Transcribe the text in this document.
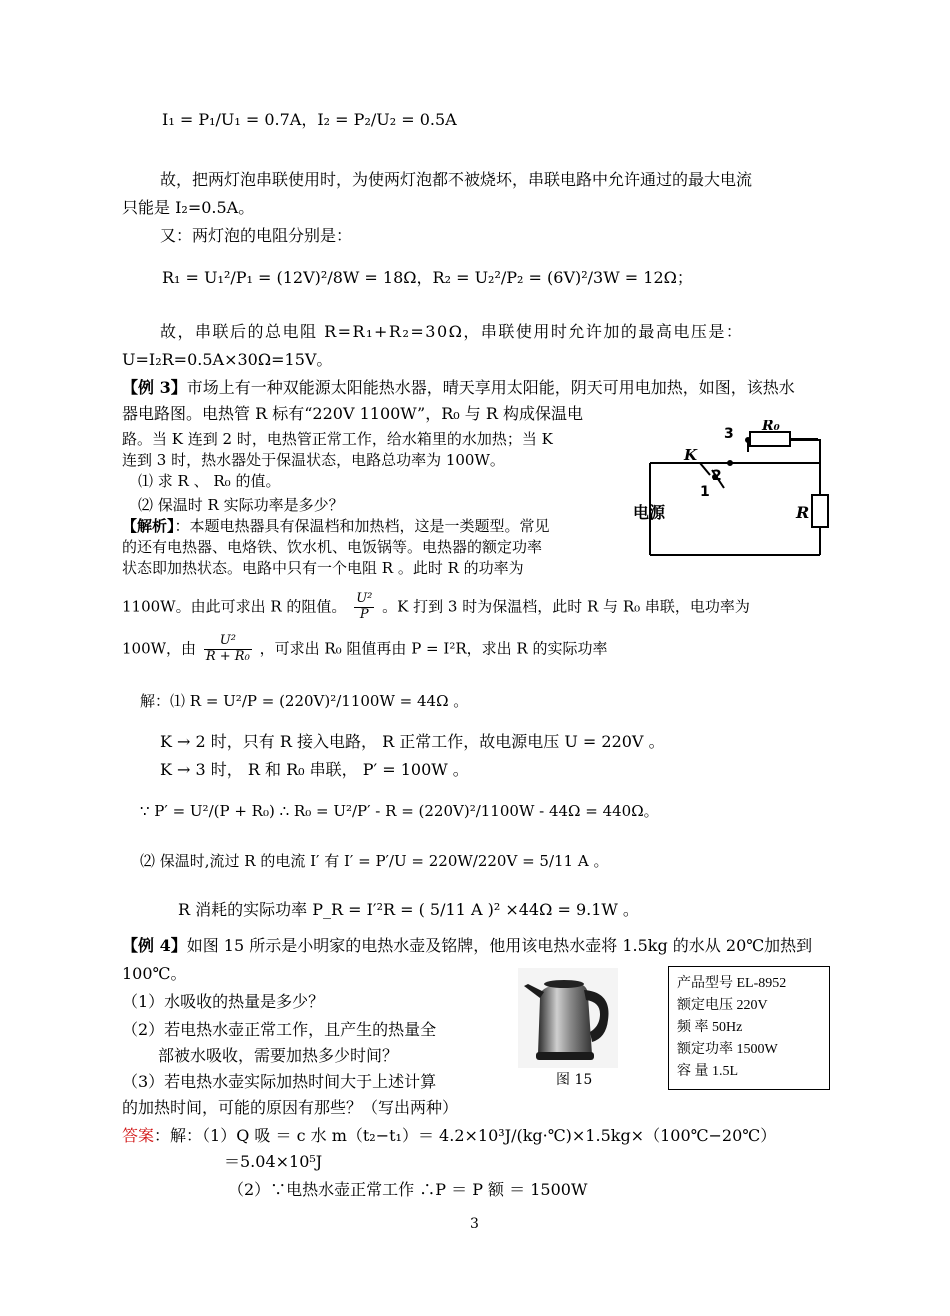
I₁ = P₁/U₁ = 0.7A，I₂ = P₂/U₂ = 0.5A
故，把两灯泡串联使用时，为使两灯泡都不被烧坏，串联电路中允许通过的最大电流
只能是 I₂=0.5A。
又：两灯泡的电阻分别是：
R₁ = U₁²/P₁ = (12V)²/8W = 18Ω，R₂ = U₂²/P₂ = (6V)²/3W = 12Ω；
故，串联后的总电阻 R=R₁+R₂=30Ω，串联使用时允许加的最高电压是：
U=I₂R=0.5A×30Ω=15V。
【例 3】市场上有一种双能源太阳能热水器，晴天享用太阳能，阴天可用电加热，如图，该热水
器电路图。电热管 R 标有“220V 1100W”，R₀ 与 R 构成保温电
路。当 K 连到 2 时，电热管正常工作，给水箱里的水加热；当 K
连到 3 时，热水器处于保温状态，电路总功率为 100W。
⑴ 求 R 、 R₀ 的值。
⑵ 保温时 R 实际功率是多少？	电源	R
R₀
K
3
2
1
【解析】：本题电热器具有保温档和加热档，这是一类题型。常见
的还有电热器、电烙铁、饮水机、电饭锅等。电热器的额定功率
状态即加热状态。电路中只有一个电阻 R 。此时 R 的功率为
1100W。由此可求出 R 的阻值。 $\frac{\text{U²}}{P}$ 。K 打到 3 时为保温档，此时 R 与 R₀ 串联，电功率为
100W，由 $\frac{\text{U²}}{\text{R + R₀}}$ ，可求出 R₀ 阻值再由 P = I²R，求出 R 的实际功率
解：⑴ R = U²/P = (220V)²/1100W = 44Ω 。
K → 2 时，只有 R 接入电路， R 正常工作，故电源电压 U = 220V 。
K → 3 时， R 和 R₀ 串联， P′ = 100W 。
∵ P′ = U²/(P + R₀) ∴ R₀ = U²/P′ - R = (220V)²/1100W - 44Ω = 440Ω。
⑵ 保温时,流过 R 的电流 I′ 有 I′ = P′/U = 220W/220V = 5/11 A 。
R 消耗的实际功率 P_R = I′²R = ( 5/11 A )² ×44Ω = 9.1W 。
【例 4】如图 15 所示是小明家的电热水壶及铭牌，他用该电热水壶将 1.5kg 的水从 20℃加热到
100℃。
（1）水吸收的热量是多少？
（2）若电热水壶正常工作，且产生的热量全
部被水吸收，需要加热多少时间？
（3）若电热水壶实际加热时间大于上述计算
的加热时间，可能的原因有那些？（写出两种）
图 15
产品型号 EL-8952
额定电压 220V
频 率 50Hz
额定功率 1500W
容 量 1.5L
答案：解：（1）Q 吸 ＝ c 水 m（t₂−t₁）＝ 4.2×10³J/(kg·℃)×1.5kg×（100℃−20℃）
＝5.04×10⁵J
（2）∵电热水壶正常工作 ∴P ＝ P 额 ＝ 1500W
3
